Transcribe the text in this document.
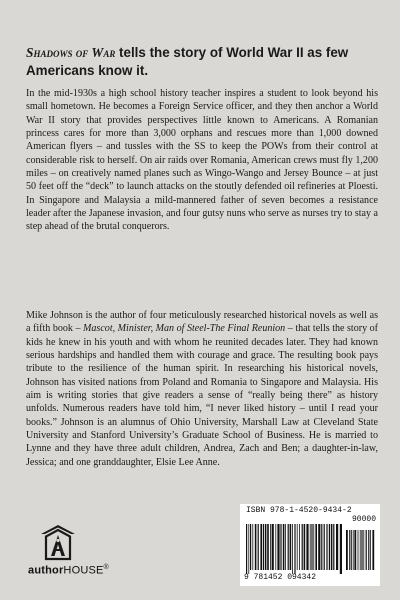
Shadows of War tells the story of World War II as few Americans know it.

In the mid-1930s a high school history teacher inspires a student to look beyond his small hometown. He becomes a Foreign Service officer, and they then anchor a World War II story that provides perspectives little known to Americans. A Romanian princess cares for more than 3,000 orphans and rescues more than 1,000 downed American flyers – and tussles with the SS to keep the POWs from their control at considerable risk to herself. On air raids over Romania, American crews must fly 1,200 miles – on creatively named planes such as Wingo-Wango and Jersey Bounce – at just 50 feet off the “deck” to launch attacks on the stoutly defended oil refineries at Ploesti. In Singapore and Malaysia a mild-mannered father of seven becomes a resistance leader after the Japanese invasion, and four gutsy nuns who serve as nurses try to stay a step ahead of the brutal conquerors.

Mike Johnson is the author of four meticulously researched historical novels as well as a fifth book – Mascot, Minister, Man of Steel-The Final Reunion – that tells the story of kids he knew in his youth and with whom he reunited decades later. They had known serious hardships and handled them with courage and grace. The resulting book pays tribute to the resilience of the human spirit. In researching his historical novels, Johnson has visited nations from Poland and Romania to Singapore and Malaysia. His aim is writing stories that give readers a sense of “really being there” as history unfolds. Numerous readers have told him, “I never liked history – until I read your books.” Johnson is an alumnus of Ohio University, Marshall Law at Cleveland State University and Stanford University’s Graduate School of Business. He is married to Lynne and they have three adult children, Andrea, Zach and Ben; a daughter-in-law, Jessica; and one granddaughter, Elsie Lee Anne.

authorHOUSE®
ISBN 978-1-4520-9434-2
90000
9 781452 094342
